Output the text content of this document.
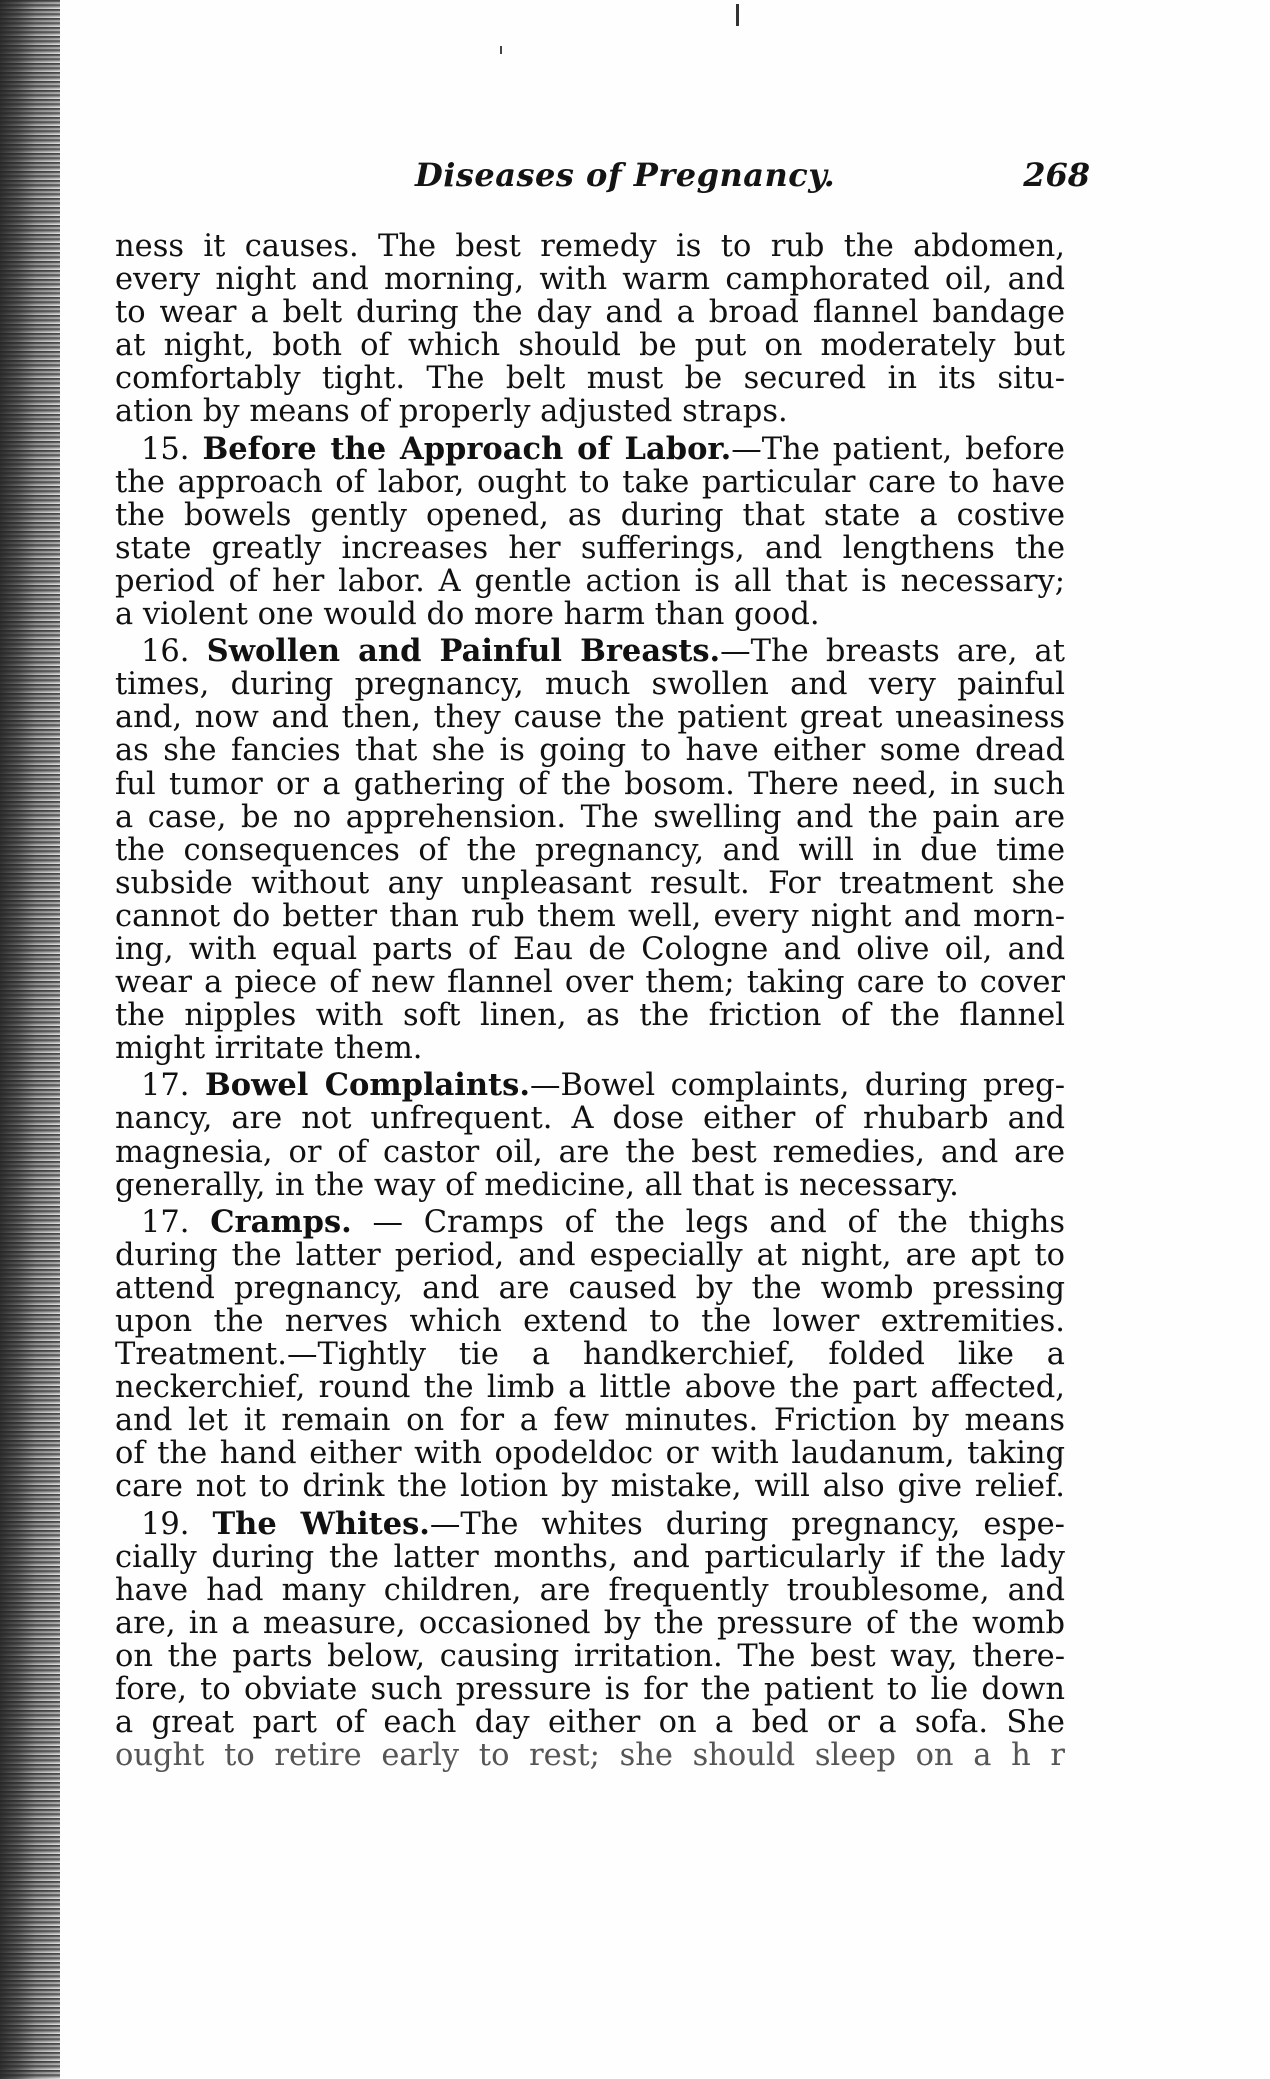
Diseases of Pregnancy.	268
ness it causes. The best remedy is to rub the abdomen,
every night and morning, with warm camphorated oil, and
to wear a belt during the day and a broad flannel bandage
at night, both of which should be put on moderately but
comfortably tight. The belt must be secured in its situ-
ation by means of properly adjusted straps.
15. Before the Approach of Labor.—The patient, before
the approach of labor, ought to take particular care to have
the bowels gently opened, as during that state a costive
state greatly increases her sufferings, and lengthens the
period of her labor. A gentle action is all that is necessary;
a violent one would do more harm than good.
16. Swollen and Painful Breasts.—The breasts are, at
times, during pregnancy, much swollen and very painful
and, now and then, they cause the patient great uneasiness
as she fancies that she is going to have either some dread
ful tumor or a gathering of the bosom. There need, in such
a case, be no apprehension. The swelling and the pain are
the consequences of the pregnancy, and will in due time
subside without any unpleasant result. For treatment she
cannot do better than rub them well, every night and morn-
ing, with equal parts of Eau de Cologne and olive oil, and
wear a piece of new flannel over them; taking care to cover
the nipples with soft linen, as the friction of the flannel
might irritate them.
17. Bowel Complaints.—Bowel complaints, during preg-
nancy, are not unfrequent. A dose either of rhubarb and
magnesia, or of castor oil, are the best remedies, and are
generally, in the way of medicine, all that is necessary.
17. Cramps. — Cramps of the legs and of the thighs
during the latter period, and especially at night, are apt to
attend pregnancy, and are caused by the womb pressing
upon the nerves which extend to the lower extremities.
Treatment.—Tightly tie a handkerchief, folded like a
neckerchief, round the limb a little above the part affected,
and let it remain on for a few minutes. Friction by means
of the hand either with opodeldoc or with laudanum, taking
care not to drink the lotion by mistake, will also give relief.
19. The Whites.—The whites during pregnancy, espe-
cially during the latter months, and particularly if the lady
have had many children, are frequently troublesome, and
are, in a measure, occasioned by the pressure of the womb
on the parts below, causing irritation. The best way, there-
fore, to obviate such pressure is for the patient to lie down
a great part of each day either on a bed or a sofa. She
ought to retire early to rest; she should sleep on a h r
